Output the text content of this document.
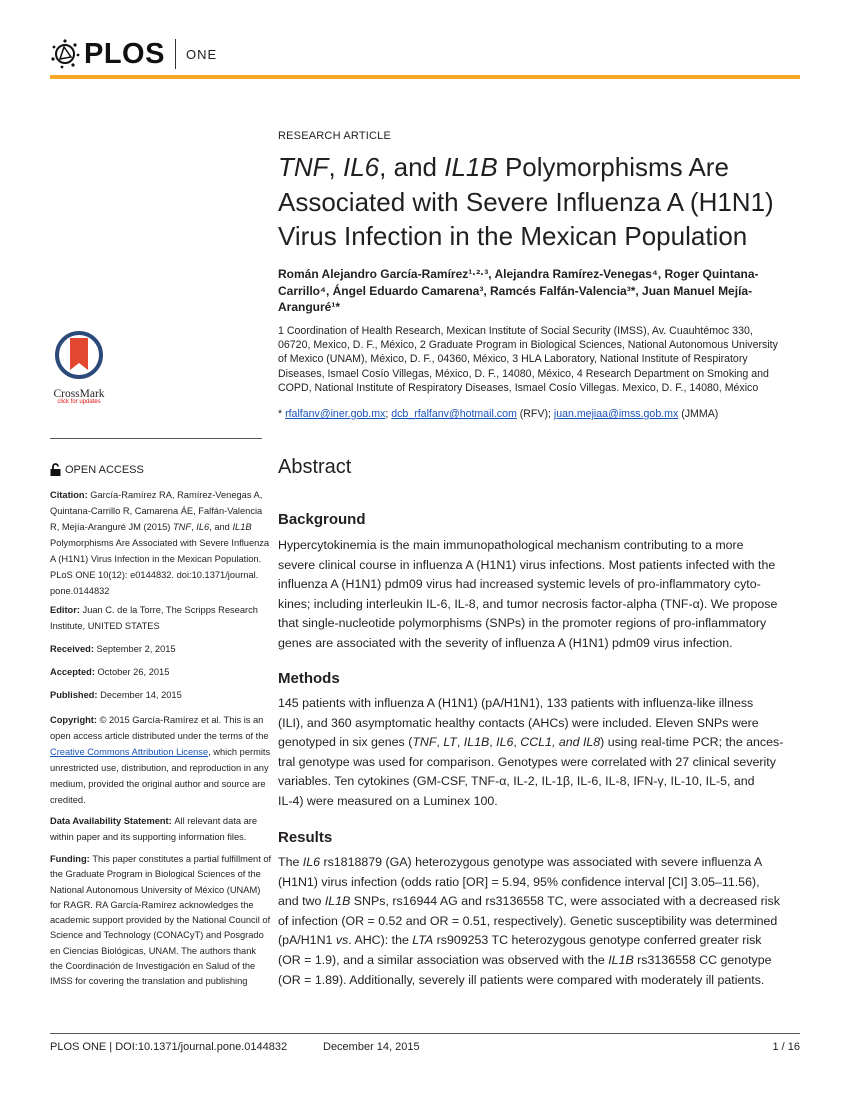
PLOS ONE
CrossMark
click for updates
OPEN ACCESS
Citation: García-Ramírez RA, Ramírez-Venegas A,
Quintana-Carrillo R, Camarena ÁE, Falfán-Valencia
R, Mejía-Aranguré JM (2015) TNF, IL6, and IL1B
Polymorphisms Are Associated with Severe Influenza
A (H1N1) Virus Infection in the Mexican Population.
PLoS ONE 10(12): e0144832. doi:10.1371/journal.
pone.0144832
Editor: Juan C. de la Torre, The Scripps Research
Institute, UNITED STATES
Received: September 2, 2015
Accepted: October 26, 2015
Published: December 14, 2015
Copyright: © 2015 García-Ramírez et al. This is an
open access article distributed under the terms of the
Creative Commons Attribution License, which permits
unrestricted use, distribution, and reproduction in any
medium, provided the original author and source are
credited.
Data Availability Statement: All relevant data are
within paper and its supporting information files.
Funding: This paper constitutes a partial fulfillment of
the Graduate Program in Biological Sciences of the
National Autonomous University of México (UNAM)
for RAGR. RA García-Ramírez acknowledges the
academic support provided by the National Council of
Science and Technology (CONACyT) and Posgrado
en Ciencias Biológicas, UNAM. The authors thank
the Coordinación de Investigación en Salud of the
IMSS for covering the translation and publishing
RESEARCH ARTICLE
TNF, IL6, and IL1B Polymorphisms Are
Associated with Severe Influenza A (H1N1)
Virus Infection in the Mexican Population
Román Alejandro García-Ramírez¹·²·³, Alejandra Ramírez-Venegas⁴, Roger Quintana-
Carrillo⁴, Ángel Eduardo Camarena³, Ramcés Falfán-Valencia³*, Juan Manuel Mejía-
Aranguré¹*
1 Coordination of Health Research, Mexican Institute of Social Security (IMSS), Av. Cuauhtémoc 330,
06720, Mexico, D. F., México, 2 Graduate Program in Biological Sciences, National Autonomous University
of Mexico (UNAM), México, D. F., 04360, México, 3 HLA Laboratory, National Institute of Respiratory
Diseases, Ismael Cosío Villegas, México, D. F., 14080, México, 4 Research Department on Smoking and
COPD, National Institute of Respiratory Diseases, Ismael Cosío Villegas. Mexico, D. F., 14080, México
* rfalfanv@iner.gob.mx; dcb_rfalfanv@hotmail.com (RFV); juan.mejiaa@imss.gob.mx (JMMA)
Abstract
Background
Hypercytokinemia is the main immunopathological mechanism contributing to a more
severe clinical course in influenza A (H1N1) virus infections. Most patients infected with the
influenza A (H1N1) pdm09 virus had increased systemic levels of pro-inflammatory cyto-
kines; including interleukin IL-6, IL-8, and tumor necrosis factor-alpha (TNF-α). We propose
that single-nucleotide polymorphisms (SNPs) in the promoter regions of pro-inflammatory
genes are associated with the severity of influenza A (H1N1) pdm09 virus infection.
Methods
145 patients with influenza A (H1N1) (pA/H1N1), 133 patients with influenza-like illness
(ILI), and 360 asymptomatic healthy contacts (AHCs) were included. Eleven SNPs were
genotyped in six genes (TNF, LT, IL1B, IL6, CCL1, and IL8) using real-time PCR; the ances-
tral genotype was used for comparison. Genotypes were correlated with 27 clinical severity
variables. Ten cytokines (GM-CSF, TNF-α, IL-2, IL-1β, IL-6, IL-8, IFN-γ, IL-10, IL-5, and
IL-4) were measured on a Luminex 100.
Results
The IL6 rs1818879 (GA) heterozygous genotype was associated with severe influenza A
(H1N1) virus infection (odds ratio [OR] = 5.94, 95% confidence interval [CI] 3.05–11.56),
and two IL1B SNPs, rs16944 AG and rs3136558 TC, were associated with a decreased risk
of infection (OR = 0.52 and OR = 0.51, respectively). Genetic susceptibility was determined
(pA/H1N1 vs. AHC): the LTA rs909253 TC heterozygous genotype conferred greater risk
(OR = 1.9), and a similar association was observed with the IL1B rs3136558 CC genotype
(OR = 1.89). Additionally, severely ill patients were compared with moderately ill patients.
PLOS ONE | DOI:10.1371/journal.pone.0144832	December 14, 2015	1 / 16
